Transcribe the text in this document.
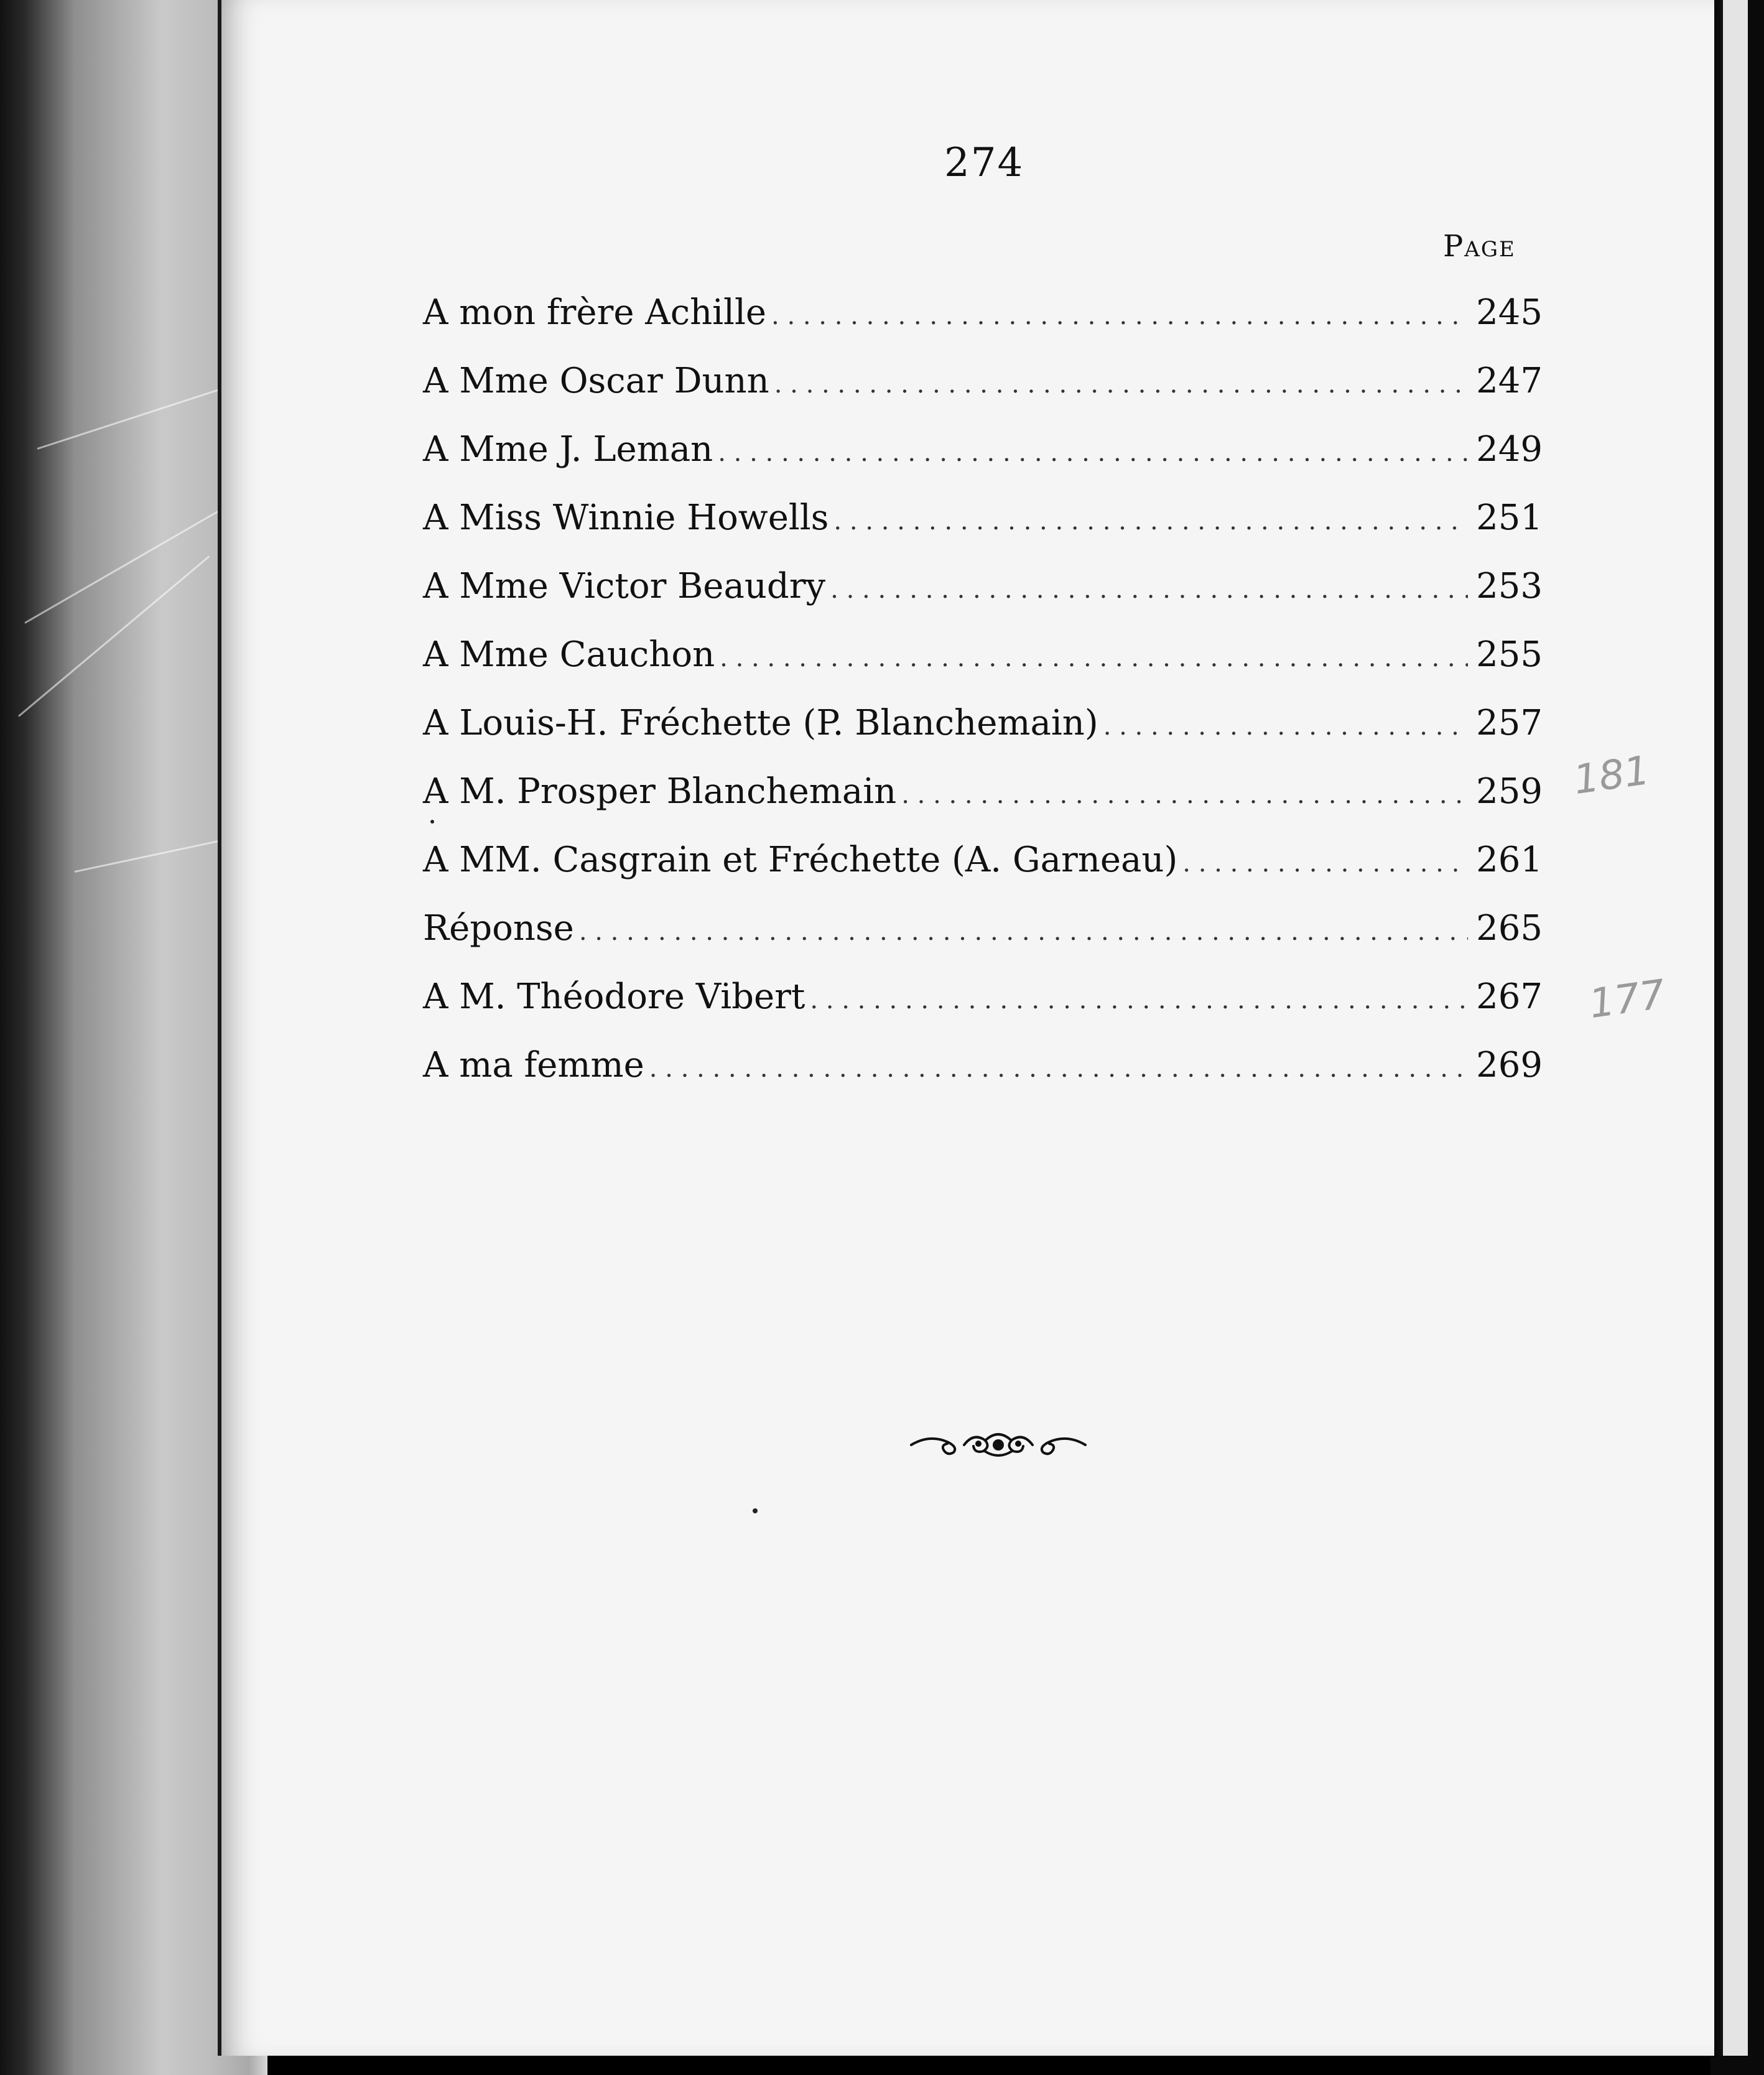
274
Page
A mon frère Achille . . .	245
A Mme Oscar Dunn . . .	247
A Mme J. Leman . . .	249
A Miss Winnie Howells . . .	251
A Mme Victor Beaudry . . .	253
A Mme Cauchon . . .	255
A Louis-H. Fréchette (P. Blanchemain) . . .	257
A M. Prosper Blanchemain . . .	259
A MM. Casgrain et Fréchette (A. Garneau) . . .	261
Réponse . . .	265
A M. Théodore Vibert . . .	267
A ma femme . . .	269
181
177
